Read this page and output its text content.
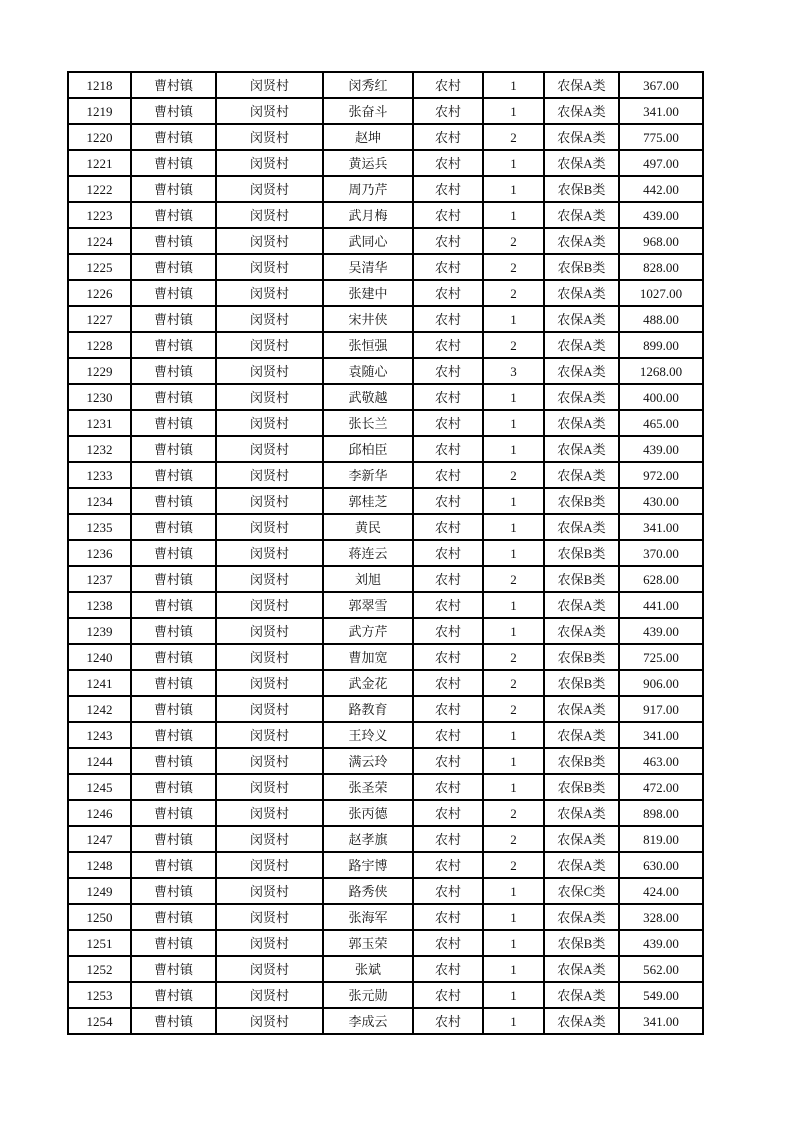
1218	曹村镇	闵贤村	闵秀红	农村	1	农保A类	367.00
1219	曹村镇	闵贤村	张奋斗	农村	1	农保A类	341.00
1220	曹村镇	闵贤村	赵坤	农村	2	农保A类	775.00
1221	曹村镇	闵贤村	黄运兵	农村	1	农保A类	497.00
1222	曹村镇	闵贤村	周乃芹	农村	1	农保B类	442.00
1223	曹村镇	闵贤村	武月梅	农村	1	农保A类	439.00
1224	曹村镇	闵贤村	武同心	农村	2	农保A类	968.00
1225	曹村镇	闵贤村	吴清华	农村	2	农保B类	828.00
1226	曹村镇	闵贤村	张建中	农村	2	农保A类	1027.00
1227	曹村镇	闵贤村	宋井侠	农村	1	农保A类	488.00
1228	曹村镇	闵贤村	张恒强	农村	2	农保A类	899.00
1229	曹村镇	闵贤村	袁随心	农村	3	农保A类	1268.00
1230	曹村镇	闵贤村	武敬越	农村	1	农保A类	400.00
1231	曹村镇	闵贤村	张长兰	农村	1	农保A类	465.00
1232	曹村镇	闵贤村	邱柏臣	农村	1	农保A类	439.00
1233	曹村镇	闵贤村	李新华	农村	2	农保A类	972.00
1234	曹村镇	闵贤村	郭桂芝	农村	1	农保B类	430.00
1235	曹村镇	闵贤村	黄民	农村	1	农保A类	341.00
1236	曹村镇	闵贤村	蒋连云	农村	1	农保B类	370.00
1237	曹村镇	闵贤村	刘旭	农村	2	农保B类	628.00
1238	曹村镇	闵贤村	郭翠雪	农村	1	农保A类	441.00
1239	曹村镇	闵贤村	武方芹	农村	1	农保A类	439.00
1240	曹村镇	闵贤村	曹加宽	农村	2	农保B类	725.00
1241	曹村镇	闵贤村	武金花	农村	2	农保B类	906.00
1242	曹村镇	闵贤村	路教育	农村	2	农保A类	917.00
1243	曹村镇	闵贤村	王玲义	农村	1	农保A类	341.00
1244	曹村镇	闵贤村	满云玲	农村	1	农保B类	463.00
1245	曹村镇	闵贤村	张圣荣	农村	1	农保B类	472.00
1246	曹村镇	闵贤村	张丙德	农村	2	农保A类	898.00
1247	曹村镇	闵贤村	赵孝旗	农村	2	农保A类	819.00
1248	曹村镇	闵贤村	路宇博	农村	2	农保A类	630.00
1249	曹村镇	闵贤村	路秀侠	农村	1	农保C类	424.00
1250	曹村镇	闵贤村	张海军	农村	1	农保A类	328.00
1251	曹村镇	闵贤村	郭玉荣	农村	1	农保B类	439.00
1252	曹村镇	闵贤村	张斌	农村	1	农保A类	562.00
1253	曹村镇	闵贤村	张元勋	农村	1	农保A类	549.00
1254	曹村镇	闵贤村	李成云	农村	1	农保A类	341.00
